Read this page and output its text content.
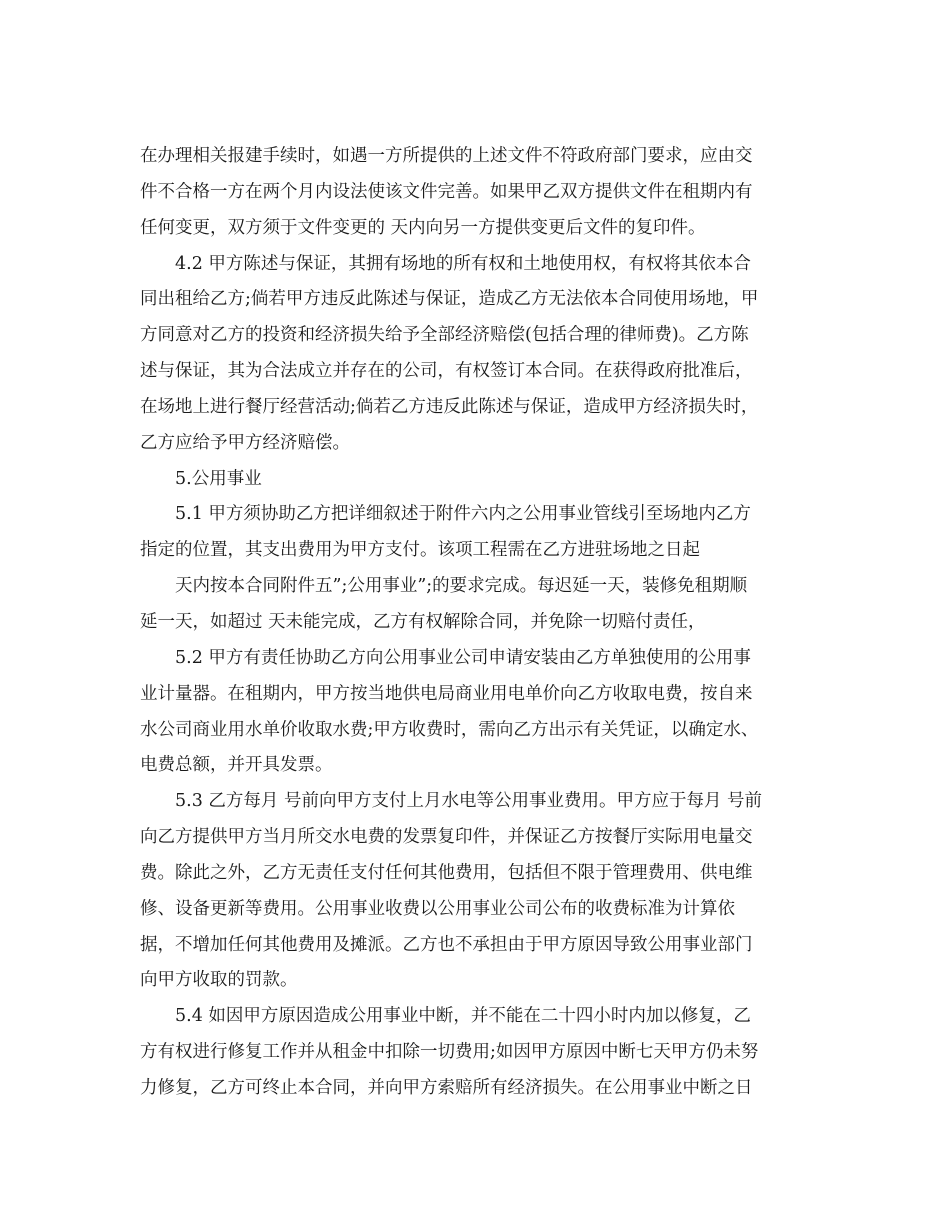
在办理相关报建手续时，如遇一方所提供的上述文件不符政府部门要求，应由交
件不合格一方在两个月内设法使该文件完善。如果甲乙双方提供文件在租期内有
任何变更，双方须于文件变更的 天内向另一方提供变更后文件的复印件。
4.2 甲方陈述与保证，其拥有场地的所有权和土地使用权，有权将其依本合
同出租给乙方;倘若甲方违反此陈述与保证，造成乙方无法依本合同使用场地，甲
方同意对乙方的投资和经济损失给予全部经济赔偿(包括合理的律师费)。乙方陈
述与保证，其为合法成立并存在的公司，有权签订本合同。在获得政府批准后，
在场地上进行餐厅经营活动;倘若乙方违反此陈述与保证，造成甲方经济损失时，
乙方应给予甲方经济赔偿。
5.公用事业
5.1 甲方须协助乙方把详细叙述于附件六内之公用事业管线引至场地内乙方
指定的位置，其支出费用为甲方支付。该项工程需在乙方进驻场地之日起
天内按本合同附件五”;公用事业”;的要求完成。每迟延一天，装修免租期顺
延一天，如超过 天未能完成，乙方有权解除合同，并免除一切赔付责任，
5.2 甲方有责任协助乙方向公用事业公司申请安装由乙方单独使用的公用事
业计量器。在租期内，甲方按当地供电局商业用电单价向乙方收取电费，按自来
水公司商业用水单价收取水费;甲方收费时，需向乙方出示有关凭证，以确定水、
电费总额，并开具发票。
5.3 乙方每月 号前向甲方支付上月水电等公用事业费用。甲方应于每月 号前
向乙方提供甲方当月所交水电费的发票复印件，并保证乙方按餐厅实际用电量交
费。除此之外，乙方无责任支付任何其他费用，包括但不限于管理费用、供电维
修、设备更新等费用。公用事业收费以公用事业公司公布的收费标准为计算依
据，不增加任何其他费用及摊派。乙方也不承担由于甲方原因导致公用事业部门
向甲方收取的罚款。
5.4 如因甲方原因造成公用事业中断，并不能在二十四小时内加以修复，乙
方有权进行修复工作并从租金中扣除一切费用;如因甲方原因中断七天甲方仍未努
力修复，乙方可终止本合同，并向甲方索赔所有经济损失。在公用事业中断之日
